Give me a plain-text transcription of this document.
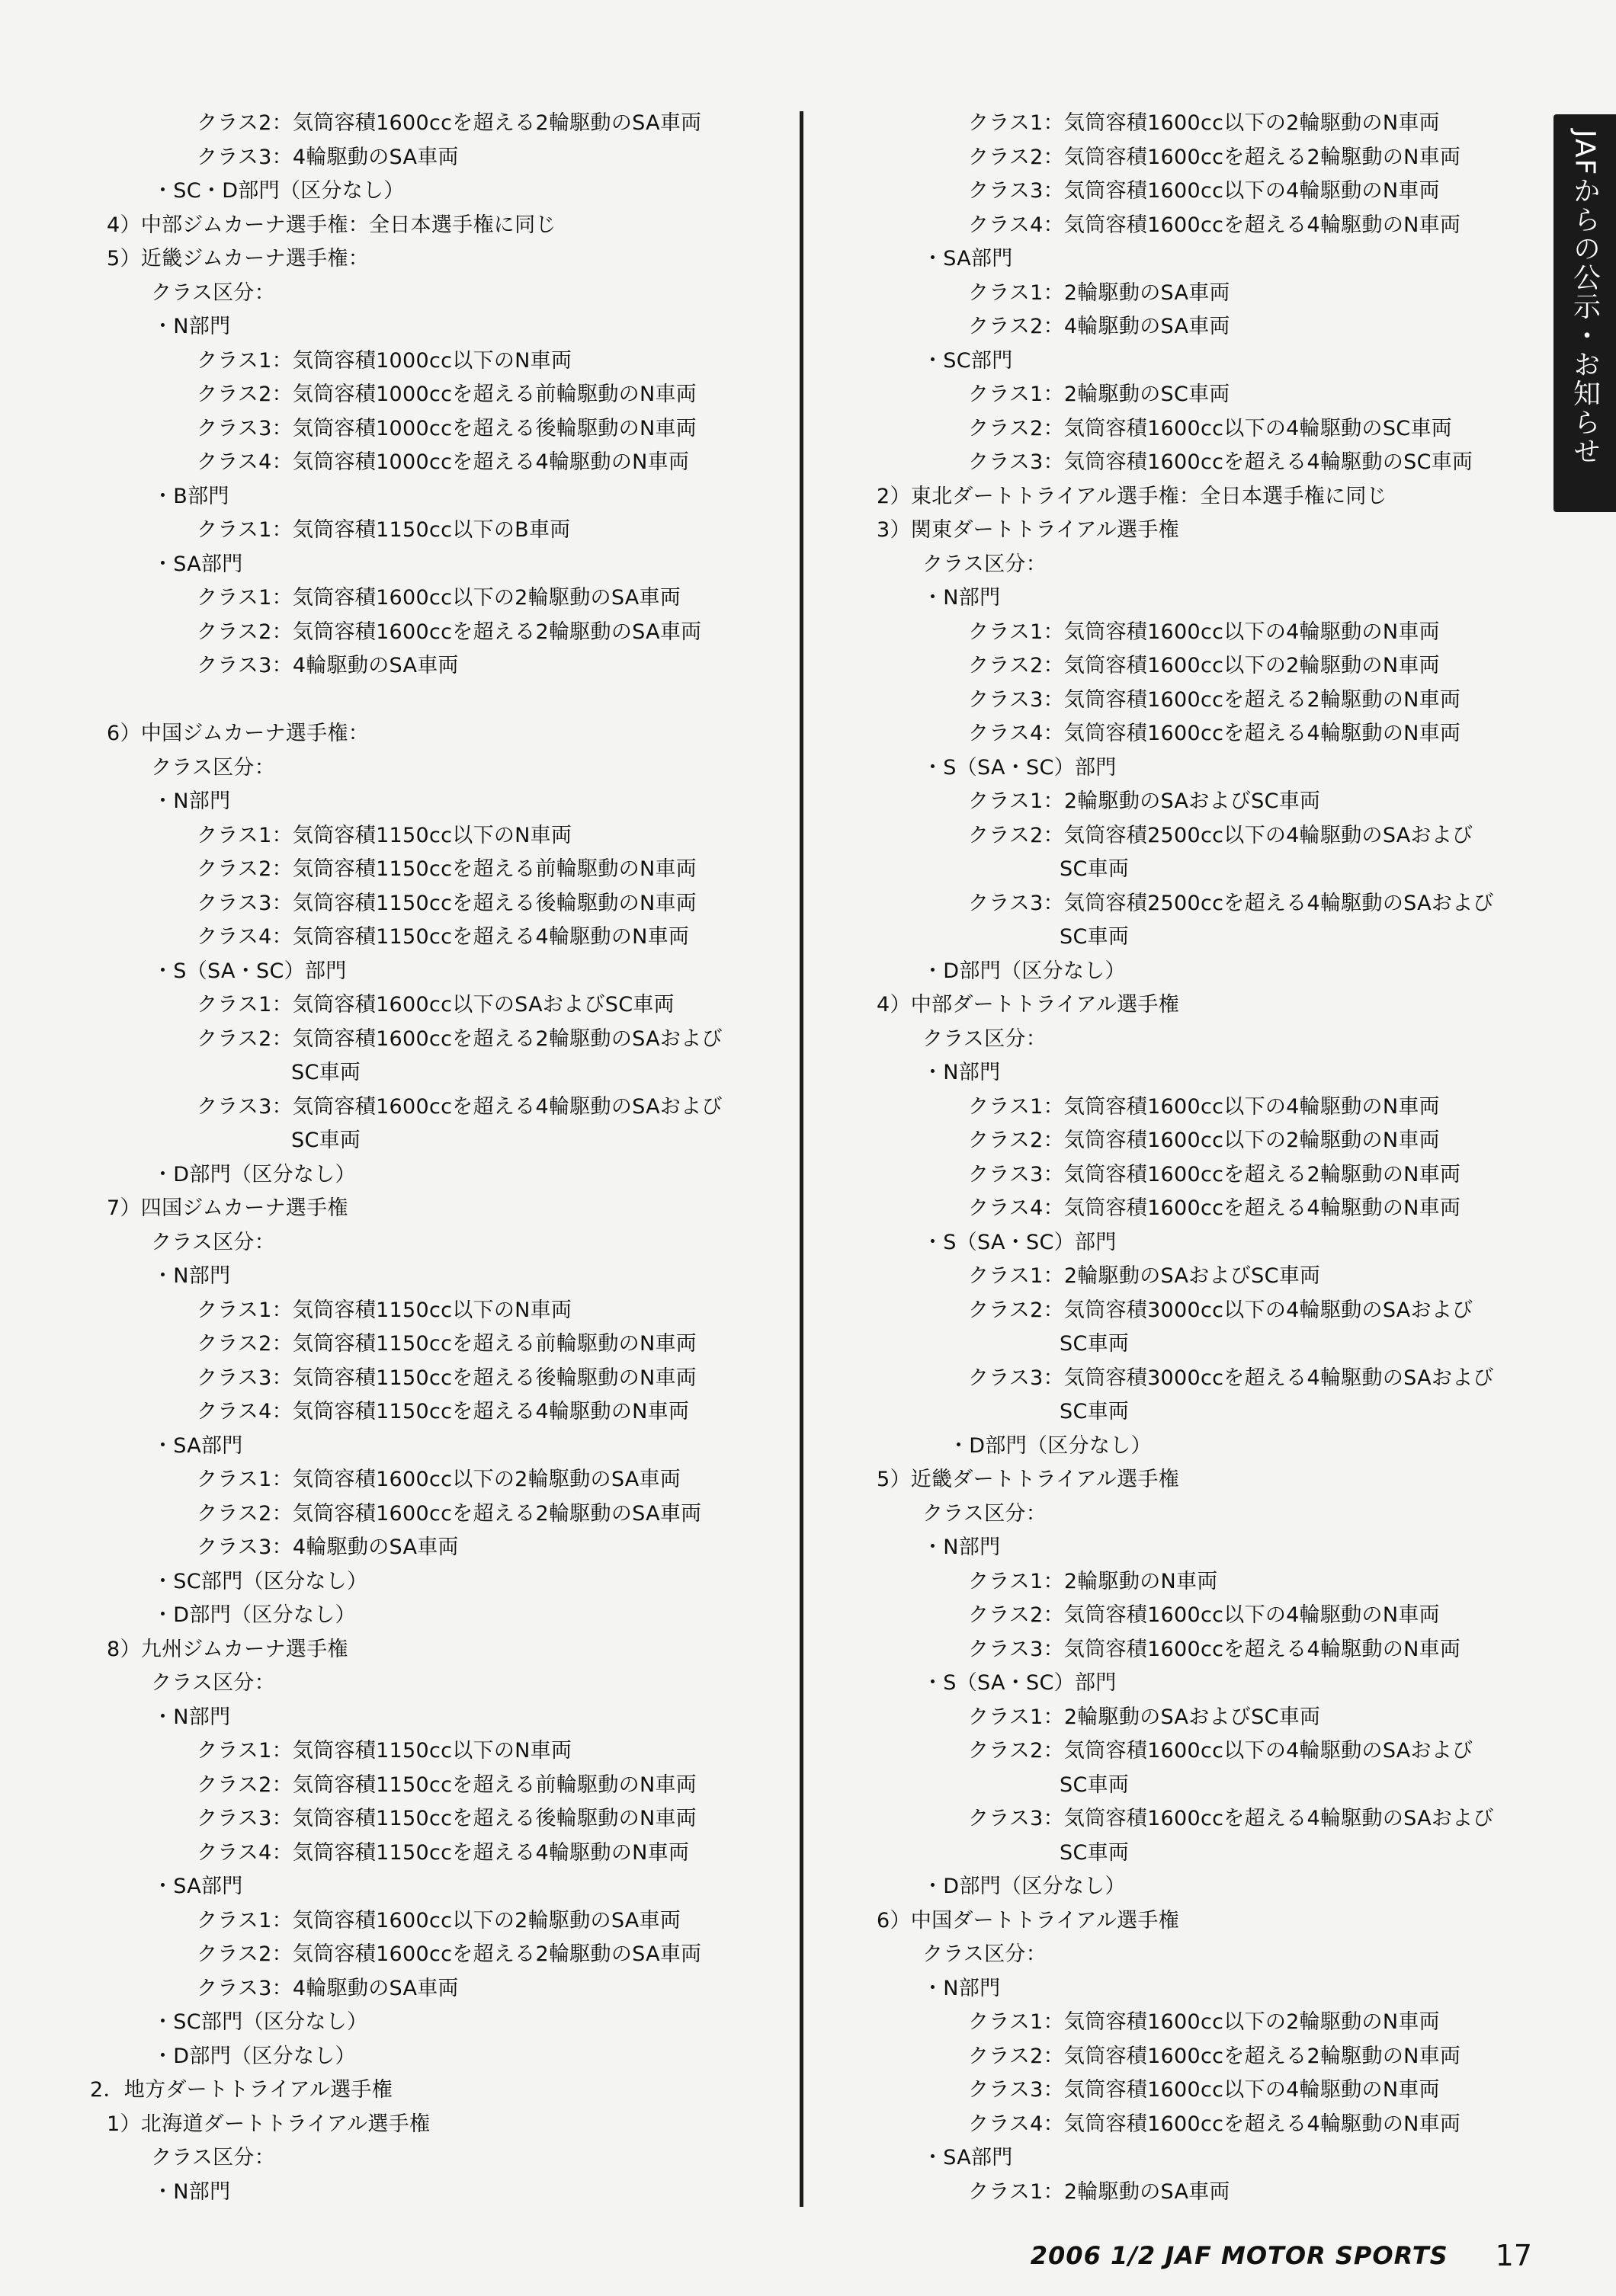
JAFからの公示・お知らせ
クラス2：気筒容積1600ccを超える2輪駆動のSA車両
クラス3：4輪駆動のSA車両
・SC・D部門（区分なし）
4）中部ジムカーナ選手権：全日本選手権に同じ
5）近畿ジムカーナ選手権：
クラス区分：
・N部門
クラス1：気筒容積1000cc以下のN車両
クラス2：気筒容積1000ccを超える前輪駆動のN車両
クラス3：気筒容積1000ccを超える後輪駆動のN車両
クラス4：気筒容積1000ccを超える4輪駆動のN車両
・B部門
クラス1：気筒容積1150cc以下のB車両
・SA部門
クラス1：気筒容積1600cc以下の2輪駆動のSA車両
クラス2：気筒容積1600ccを超える2輪駆動のSA車両
クラス3：4輪駆動のSA車両
6）中国ジムカーナ選手権：
クラス区分：
・N部門
クラス1：気筒容積1150cc以下のN車両
クラス2：気筒容積1150ccを超える前輪駆動のN車両
クラス3：気筒容積1150ccを超える後輪駆動のN車両
クラス4：気筒容積1150ccを超える4輪駆動のN車両
・S（SA・SC）部門
クラス1：気筒容積1600cc以下のSAおよびSC車両
クラス2：気筒容積1600ccを超える2輪駆動のSAおよび
SC車両
クラス3：気筒容積1600ccを超える4輪駆動のSAおよび
SC車両
・D部門（区分なし）
7）四国ジムカーナ選手権
クラス区分：
・N部門
クラス1：気筒容積1150cc以下のN車両
クラス2：気筒容積1150ccを超える前輪駆動のN車両
クラス3：気筒容積1150ccを超える後輪駆動のN車両
クラス4：気筒容積1150ccを超える4輪駆動のN車両
・SA部門
クラス1：気筒容積1600cc以下の2輪駆動のSA車両
クラス2：気筒容積1600ccを超える2輪駆動のSA車両
クラス3：4輪駆動のSA車両
・SC部門（区分なし）
・D部門（区分なし）
8）九州ジムカーナ選手権
クラス区分：
・N部門
クラス1：気筒容積1150cc以下のN車両
クラス2：気筒容積1150ccを超える前輪駆動のN車両
クラス3：気筒容積1150ccを超える後輪駆動のN車両
クラス4：気筒容積1150ccを超える4輪駆動のN車両
・SA部門
クラス1：気筒容積1600cc以下の2輪駆動のSA車両
クラス2：気筒容積1600ccを超える2輪駆動のSA車両
クラス3：4輪駆動のSA車両
・SC部門（区分なし）
・D部門（区分なし）
2．地方ダートトライアル選手権
1）北海道ダートトライアル選手権
クラス区分：
・N部門
クラス1：気筒容積1600cc以下の2輪駆動のN車両
クラス2：気筒容積1600ccを超える2輪駆動のN車両
クラス3：気筒容積1600cc以下の4輪駆動のN車両
クラス4：気筒容積1600ccを超える4輪駆動のN車両
・SA部門
クラス1：2輪駆動のSA車両
クラス2：4輪駆動のSA車両
・SC部門
クラス1：2輪駆動のSC車両
クラス2：気筒容積1600cc以下の4輪駆動のSC車両
クラス3：気筒容積1600ccを超える4輪駆動のSC車両
2）東北ダートトライアル選手権：全日本選手権に同じ
3）関東ダートトライアル選手権
クラス区分：
・N部門
クラス1：気筒容積1600cc以下の4輪駆動のN車両
クラス2：気筒容積1600cc以下の2輪駆動のN車両
クラス3：気筒容積1600ccを超える2輪駆動のN車両
クラス4：気筒容積1600ccを超える4輪駆動のN車両
・S（SA・SC）部門
クラス1：2輪駆動のSAおよびSC車両
クラス2：気筒容積2500cc以下の4輪駆動のSAおよび
SC車両
クラス3：気筒容積2500ccを超える4輪駆動のSAおよび
SC車両
・D部門（区分なし）
4）中部ダートトライアル選手権
クラス区分：
・N部門
クラス1：気筒容積1600cc以下の4輪駆動のN車両
クラス2：気筒容積1600cc以下の2輪駆動のN車両
クラス3：気筒容積1600ccを超える2輪駆動のN車両
クラス4：気筒容積1600ccを超える4輪駆動のN車両
・S（SA・SC）部門
クラス1：2輪駆動のSAおよびSC車両
クラス2：気筒容積3000cc以下の4輪駆動のSAおよび
SC車両
クラス3：気筒容積3000ccを超える4輪駆動のSAおよび
SC車両
・D部門（区分なし）
5）近畿ダートトライアル選手権
クラス区分：
・N部門
クラス1：2輪駆動のN車両
クラス2：気筒容積1600cc以下の4輪駆動のN車両
クラス3：気筒容積1600ccを超える4輪駆動のN車両
・S（SA・SC）部門
クラス1：2輪駆動のSAおよびSC車両
クラス2：気筒容積1600cc以下の4輪駆動のSAおよび
SC車両
クラス3：気筒容積1600ccを超える4輪駆動のSAおよび
SC車両
・D部門（区分なし）
6）中国ダートトライアル選手権
クラス区分：
・N部門
クラス1：気筒容積1600cc以下の2輪駆動のN車両
クラス2：気筒容積1600ccを超える2輪駆動のN車両
クラス3：気筒容積1600cc以下の4輪駆動のN車両
クラス4：気筒容積1600ccを超える4輪駆動のN車両
・SA部門
クラス1：2輪駆動のSA車両
2006 1/2 JAF MOTOR SPORTS 17
